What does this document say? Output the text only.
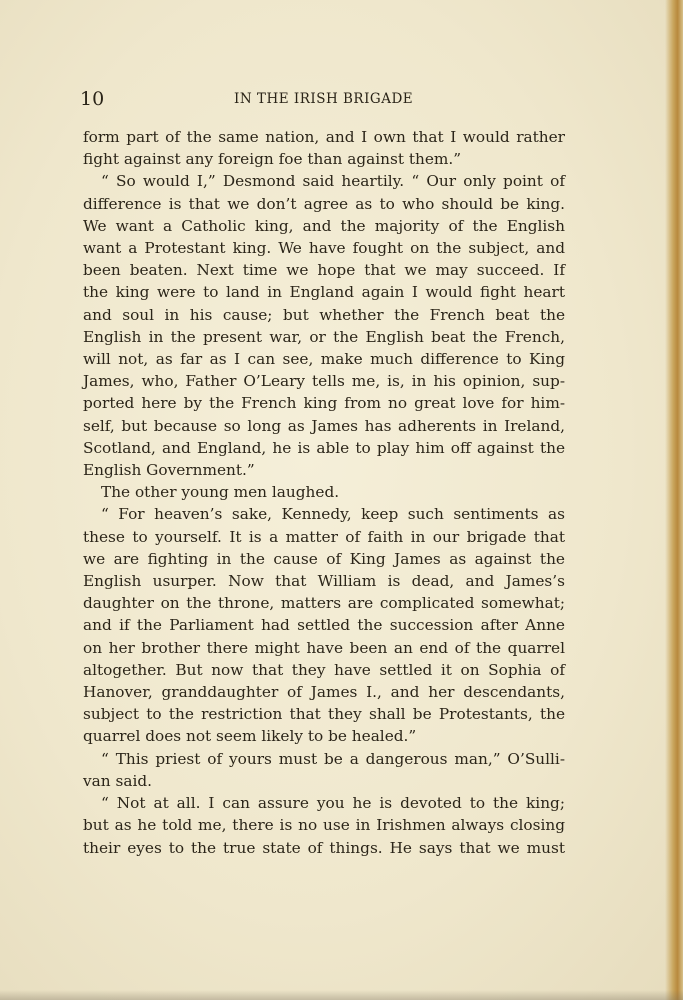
10	IN THE IRISH BRIGADE
form part of the same nation, and I own that I would rather
fight against any foreign foe than against them.”
“ So would I,” Desmond said heartily. “ Our only point of
difference is that we don’t agree as to who should be king.
We want a Catholic king, and the majority of the English
want a Protestant king. We have fought on the subject, and
been beaten. Next time we hope that we may succeed. If
the king were to land in England again I would fight heart
and soul in his cause; but whether the French beat the
English in the present war, or the English beat the French,
will not, as far as I can see, make much difference to King
James, who, Father O’Leary tells me, is, in his opinion, sup-
ported here by the French king from no great love for him-
self, but because so long as James has adherents in Ireland,
Scotland, and England, he is able to play him off against the
English Government.”
The other young men laughed.
“ For heaven’s sake, Kennedy, keep such sentiments as
these to yourself. It is a matter of faith in our brigade that
we are fighting in the cause of King James as against the
English usurper. Now that William is dead, and James’s
daughter on the throne, matters are complicated somewhat;
and if the Parliament had settled the succession after Anne
on her brother there might have been an end of the quarrel
altogether. But now that they have settled it on Sophia of
Hanover, granddaughter of James I., and her descendants,
subject to the restriction that they shall be Protestants, the
quarrel does not seem likely to be healed.”
“ This priest of yours must be a dangerous man,” O’Sulli-
van said.
“ Not at all. I can assure you he is devoted to the king;
but as he told me, there is no use in Irishmen always closing
their eyes to the true state of things. He says that we must
